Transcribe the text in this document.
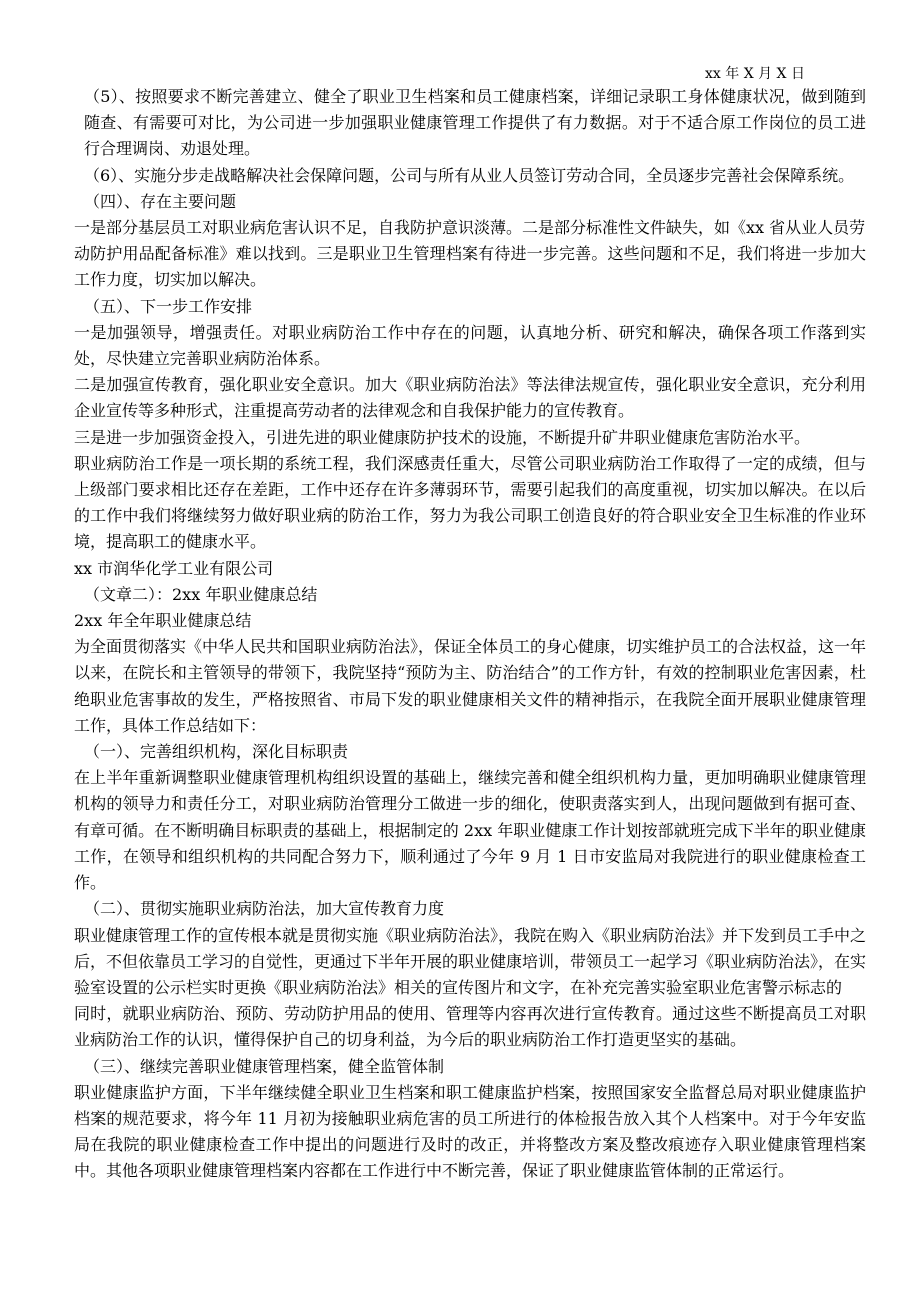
xx 年 X 月 X 日

（5）、按照要求不断完善建立、健全了职业卫生档案和员工健康档案，详细记录职工身体健康状况，做到随到随查、有需要可对比，为公司进一步加强职业健康管理工作提供了有力数据。对于不适合原工作岗位的员工进行合理调岗、劝退处理。

（6）、实施分步走战略解决社会保障问题，公司与所有从业人员签订劳动合同，全员逐步完善社会保障系统。

（四）、存在主要问题

一是部分基层员工对职业病危害认识不足，自我防护意识淡薄。二是部分标准性文件缺失，如《xx 省从业人员劳

动防护用品配备标准》难以找到。三是职业卫生管理档案有待进一步完善。这些问题和不足，我们将进一步加大工作力度，切实加以解决。

（五）、下一步工作安排

一是加强领导，增强责任。对职业病防治工作中存在的问题，认真地分析、研究和解决，确保各项工作落到实处，尽快建立完善职业病防治体系。

二是加强宣传教育，强化职业安全意识。加大《职业病防治法》等法律法规宣传，强化职业安全意识，充分利用企业宣传等多种形式，注重提高劳动者的法律观念和自我保护能力的宣传教育。

三是进一步加强资金投入，引进先进的职业健康防护技术的设施，不断提升矿井职业健康危害防治水平。

职业病防治工作是一项长期的系统工程，我们深感责任重大，尽管公司职业病防治工作取得了一定的成绩，但与上级部门要求相比还存在差距，工作中还存在许多薄弱环节，需要引起我们的高度重视，切实加以解决。在以后的工作中我们将继续努力做好职业病的防治工作，努力为我公司职工创造良好的符合职业安全卫生标准的作业环境，提高职工的健康水平。

xx 市润华化学工业有限公司

（文章二）：2xx 年职业健康总结

2xx 年全年职业健康总结

为全面贯彻落实《中华人民共和国职业病防治法》，保证全体员工的身心健康，切实维护员工的合法权益，这一年以来，在院长和主管领导的带领下，我院坚持“预防为主、防治结合”的工作方针，有效的控制职业危害因素，杜绝职业危害事故的发生，严格按照省、市局下发的职业健康相关文件的精神指示，在我院全面开展职业健康管理工作，具体工作总结如下：

（一）、完善组织机构，深化目标职责

在上半年重新调整职业健康管理机构组织设置的基础上，继续完善和健全组织机构力量，更加明确职业健康管理机构的领导力和责任分工，对职业病防治管理分工做进一步的细化，使职责落实到人，出现问题做到有据可查、有章可循。在不断明确目标职责的基础上，根据制定的 2xx 年职业健康工作计划按部就班完成下半年的职业健康工作，在领导和组织机构的共同配合努力下，顺利通过了今年 9 月 1 日市安监局对我院进行的职业健康检查工作。

（二）、贯彻实施职业病防治法，加大宣传教育力度

职业健康管理工作的宣传根本就是贯彻实施《职业病防治法》，我院在购入《职业病防治法》并下发到员工手中之后，不但依靠员工学习的自觉性，更通过下半年开展的职业健康培训，带领员工一起学习《职业病防治法》，在实验室设置的公示栏实时更换《职业病防治法》相关的宣传图片和文字，在补充完善实验室职业危害警示标志的

同时，就职业病防治、预防、劳动防护用品的使用、管理等内容再次进行宣传教育。通过这些不断提高员工对职业病防治工作的认识，懂得保护自己的切身利益，为今后的职业病防治工作打造更坚实的基础。

（三）、继续完善职业健康管理档案，健全监管体制

职业健康监护方面，下半年继续健全职业卫生档案和职工健康监护档案，按照国家安全监督总局对职业健康监护档案的规范要求，将今年 11 月初为接触职业病危害的员工所进行的体检报告放入其个人档案中。对于今年安监局在我院的职业健康检查工作中提出的问题进行及时的改正，并将整改方案及整改痕迹存入职业健康管理档案中。其他各项职业健康管理档案内容都在工作进行中不断完善，保证了职业健康监管体制的正常运行。
